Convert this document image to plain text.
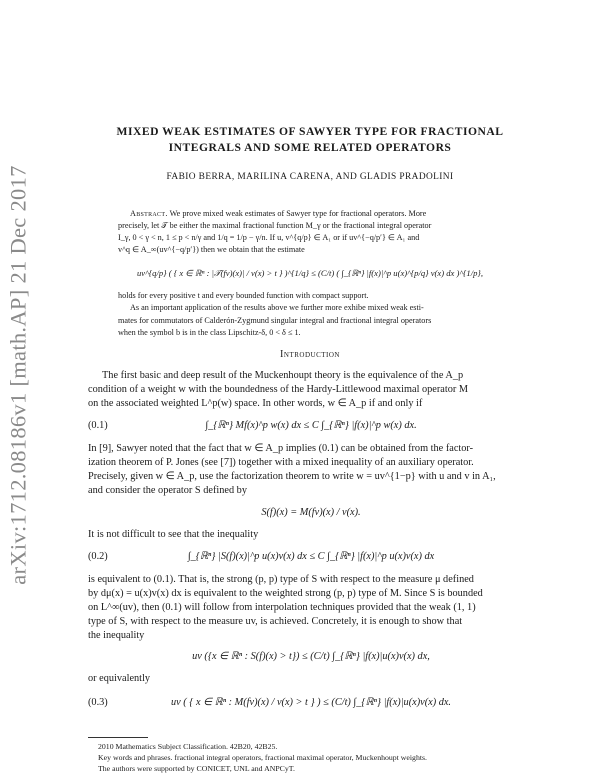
arXiv:1712.08186v1 [math.AP] 21 Dec 2017
MIXED WEAK ESTIMATES OF SAWYER TYPE FOR FRACTIONAL
INTEGRALS AND SOME RELATED OPERATORS
FABIO BERRA, MARILINA CARENA, AND GLADIS PRADOLINI

Abstract. We prove mixed weak estimates of Sawyer type for fractional operators. More

precisely, let 𝒯 be either the maximal fractional function M_γ or the fractional integral operator

I_γ, 0 < γ < n, 1 ≤ p < n/γ and 1/q = 1/p − γ/n. If u, v^{q/p} ∈ A₁ or if uv^{−q/p′} ∈ A₁ and

v^q ∈ A_∞(uv^{−q/p′}) then we obtain that the estimate

uv^{q/p} ( { x ∈ ℝⁿ : |𝒯(fv)(x)| / v(x) > t } )^{1/q} ≤ (C/t) ( ∫_{ℝⁿ} |f(x)|^p u(x)^{p/q} v(x) dx )^{1/p},

holds for every positive t and every bounded function with compact support.

As an important application of the results above we further more exhibe mixed weak esti-

mates for commutators of Calderón-Zygmund singular integral and fractional integral operators

when the symbol b is in the class Lipschitz-δ, 0 < δ ≤ 1.

Introduction

The first basic and deep result of the Muckenhoupt theory is the equivalence of the A_p

condition of a weight w with the boundedness of the Hardy-Littlewood maximal operator M

on the associated weighted L^p(w) space. In other words, w ∈ A_p if and only if

(0.1)	∫_{ℝⁿ} Mf(x)^p w(x) dx ≤ C ∫_{ℝⁿ} |f(x)|^p w(x) dx.

In [9], Sawyer noted that the fact that w ∈ A_p implies (0.1) can be obtained from the factor-

ization theorem of P. Jones (see [7]) together with a mixed inequality of an auxiliary operator.

Precisely, given w ∈ A_p, use the factorization theorem to write w = uv^{1−p} with u and v in A₁,

and consider the operator S defined by

S(f)(x) = M(fv)(x) / v(x).

It is not difficult to see that the inequality

(0.2)	∫_{ℝⁿ} |S(f)(x)|^p u(x)v(x) dx ≤ C ∫_{ℝⁿ} |f(x)|^p u(x)v(x) dx

is equivalent to (0.1). That is, the strong (p, p) type of S with respect to the measure μ defined

by dμ(x) = u(x)v(x) dx is equivalent to the weighted strong (p, p) type of M. Since S is bounded

on L^∞(uv), then (0.1) will follow from interpolation techniques provided that the weak (1, 1)

type of S, with respect to the measure uv, is achieved. Concretely, it is enough to show that

the inequality

uv ({x ∈ ℝⁿ : S(f)(x) > t}) ≤ (C/t) ∫_{ℝⁿ} |f(x)|u(x)v(x) dx,

or equivalently

(0.3)	uv ( { x ∈ ℝⁿ : M(fv)(x) / v(x) > t } ) ≤ (C/t) ∫_{ℝⁿ} |f(x)|u(x)v(x) dx.
2010 Mathematics Subject Classification. 42B20, 42B25.
Key words and phrases. fractional integral operators, fractional maximal operator, Muckenhoupt weights.
The authors were supported by CONICET, UNL and ANPCyT.
